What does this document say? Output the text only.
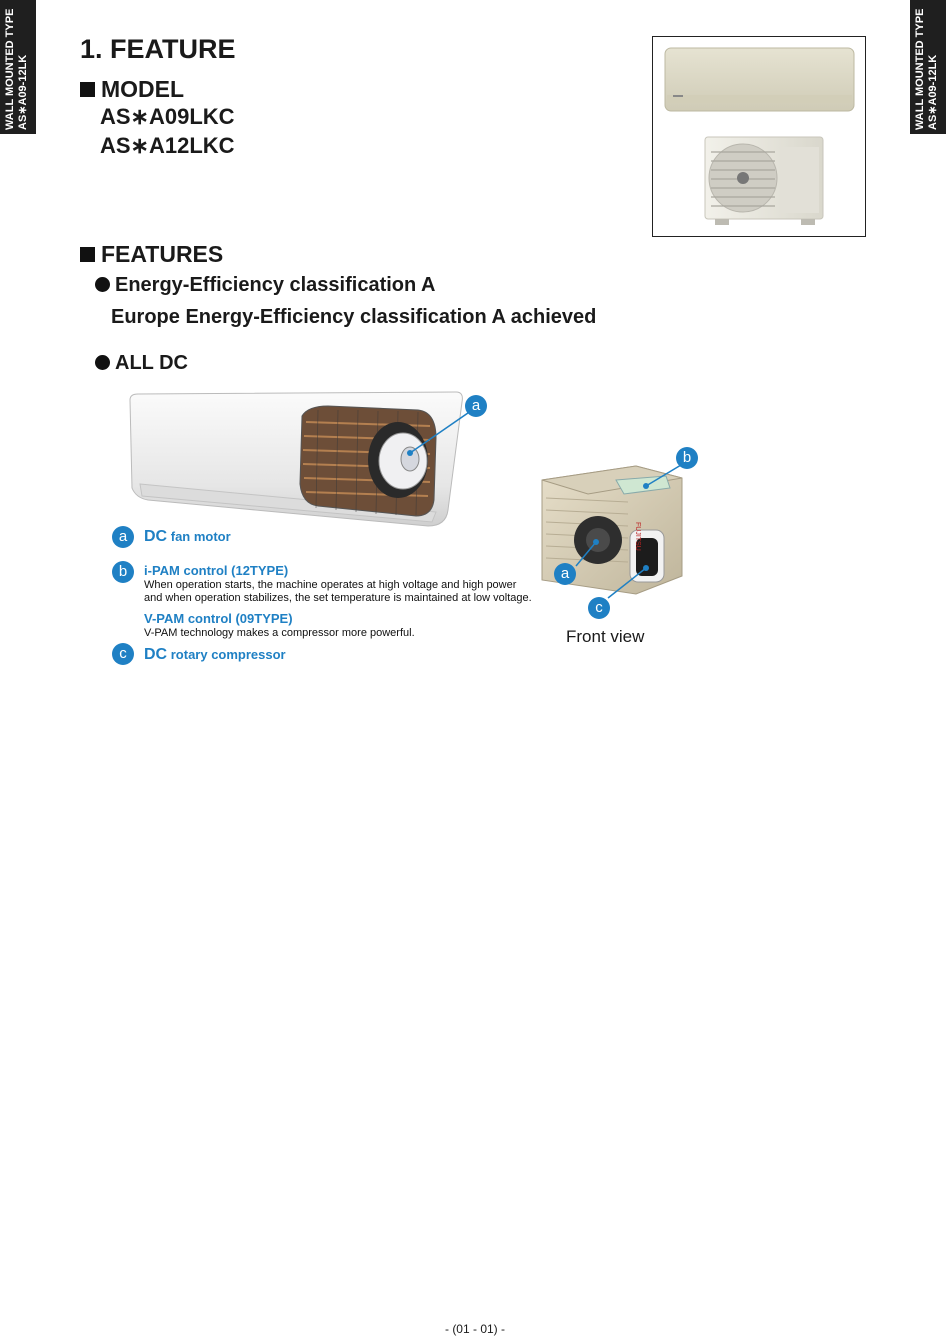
WALL MOUNTED TYPE AS∗A09-12LK	WALL MOUNTED TYPE AS∗A09-12LK
1. FEATURE
MODEL
AS∗A09LKC
AS∗A12LKC
FEATURES
Energy-Efficiency classification A
Europe Energy-Efficiency classification A achieved
ALL DC
a
FUJITSU
b
a
c
Front view
a	DC fan motor
b	i-PAM control (12TYPE)
When operation starts, the machine operates at high voltage and high power
and when operation stabilizes, the set temperature is maintained at low voltage.
V-PAM control (09TYPE)
V-PAM technology makes a compressor more powerful.
c	DC rotary compressor
- (01 - 01) -
